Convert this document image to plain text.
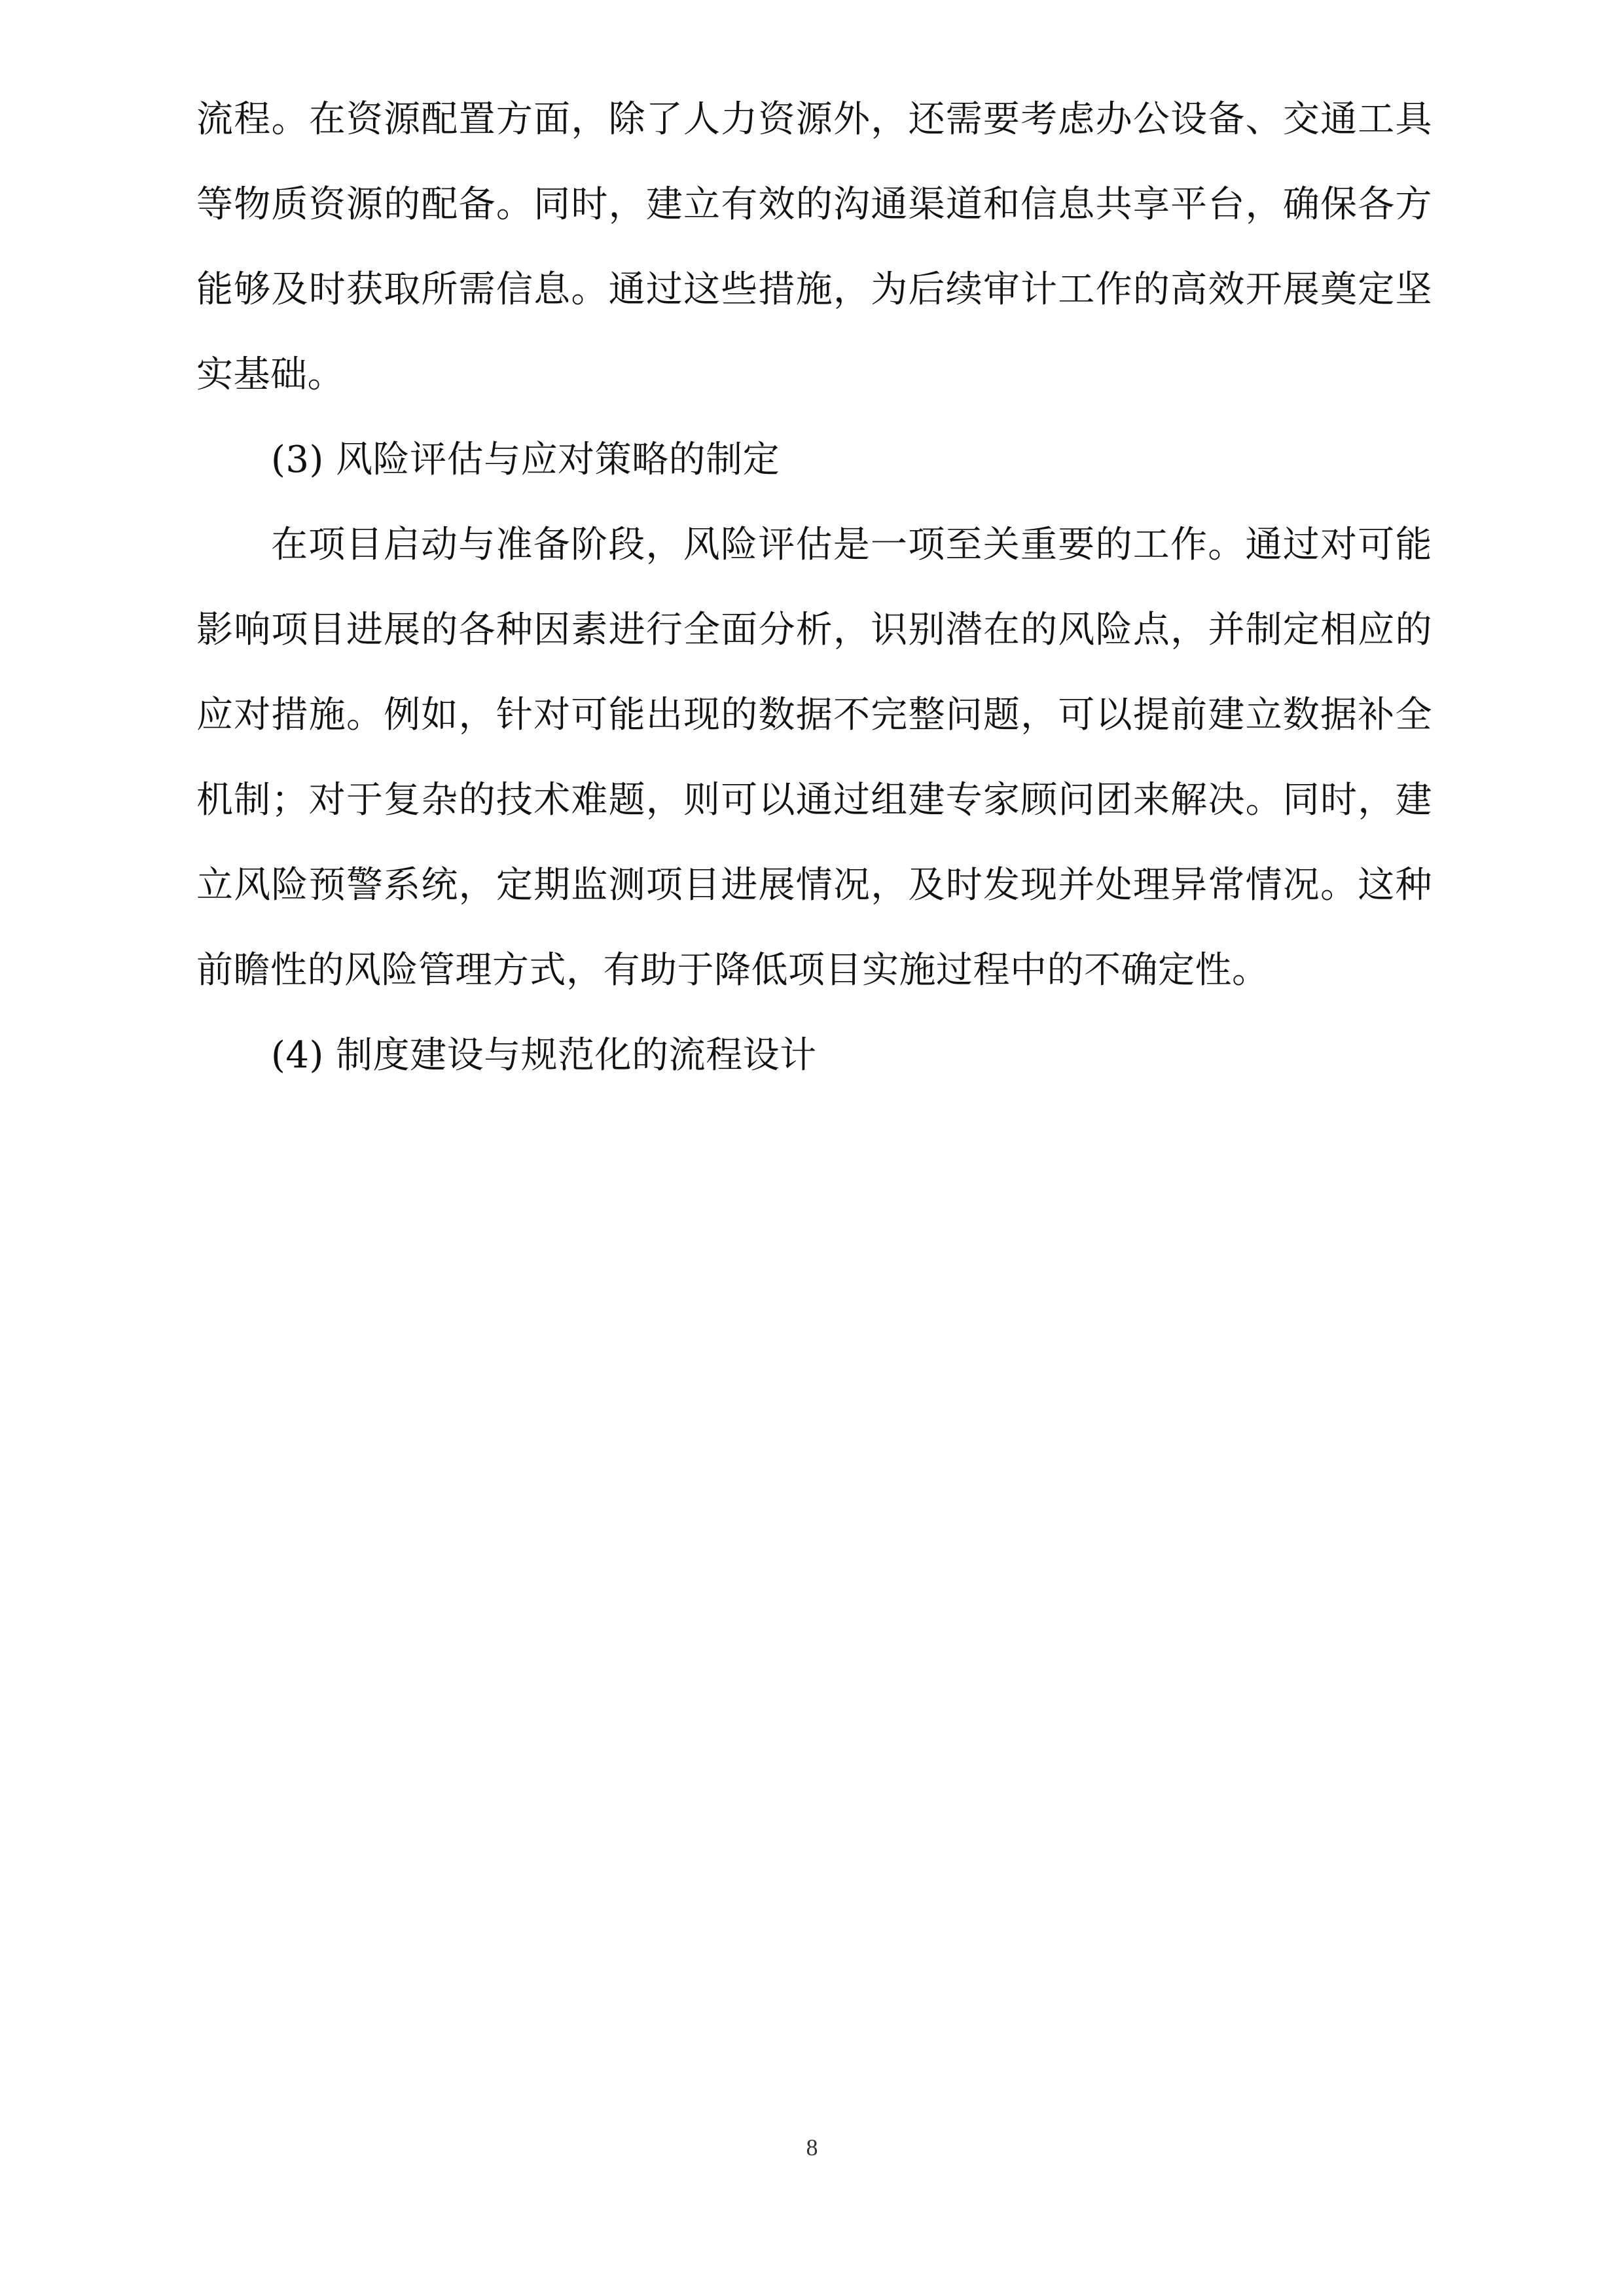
流程。在资源配置方面，除了人力资源外，还需要考虑办公设备、交通工具等物质资源的配备。同时，建立有效的沟通渠道和信息共享平台，确保各方能够及时获取所需信息。通过这些措施，为后续审计工作的高效开展奠定坚实基础。

(3) 风险评估与应对策略的制定

在项目启动与准备阶段，风险评估是一项至关重要的工作。通过对可能影响项目进展的各种因素进行全面分析，识别潜在的风险点，并制定相应的应对措施。例如，针对可能出现的数据不完整问题，可以提前建立数据补全机制；对于复杂的技术难题，则可以通过组建专家顾问团来解决。同时，建立风险预警系统，定期监测项目进展情况，及时发现并处理异常情况。这种前瞻性的风险管理方式，有助于降低项目实施过程中的不确定性。

(4) 制度建设与规范化的流程设计

8
